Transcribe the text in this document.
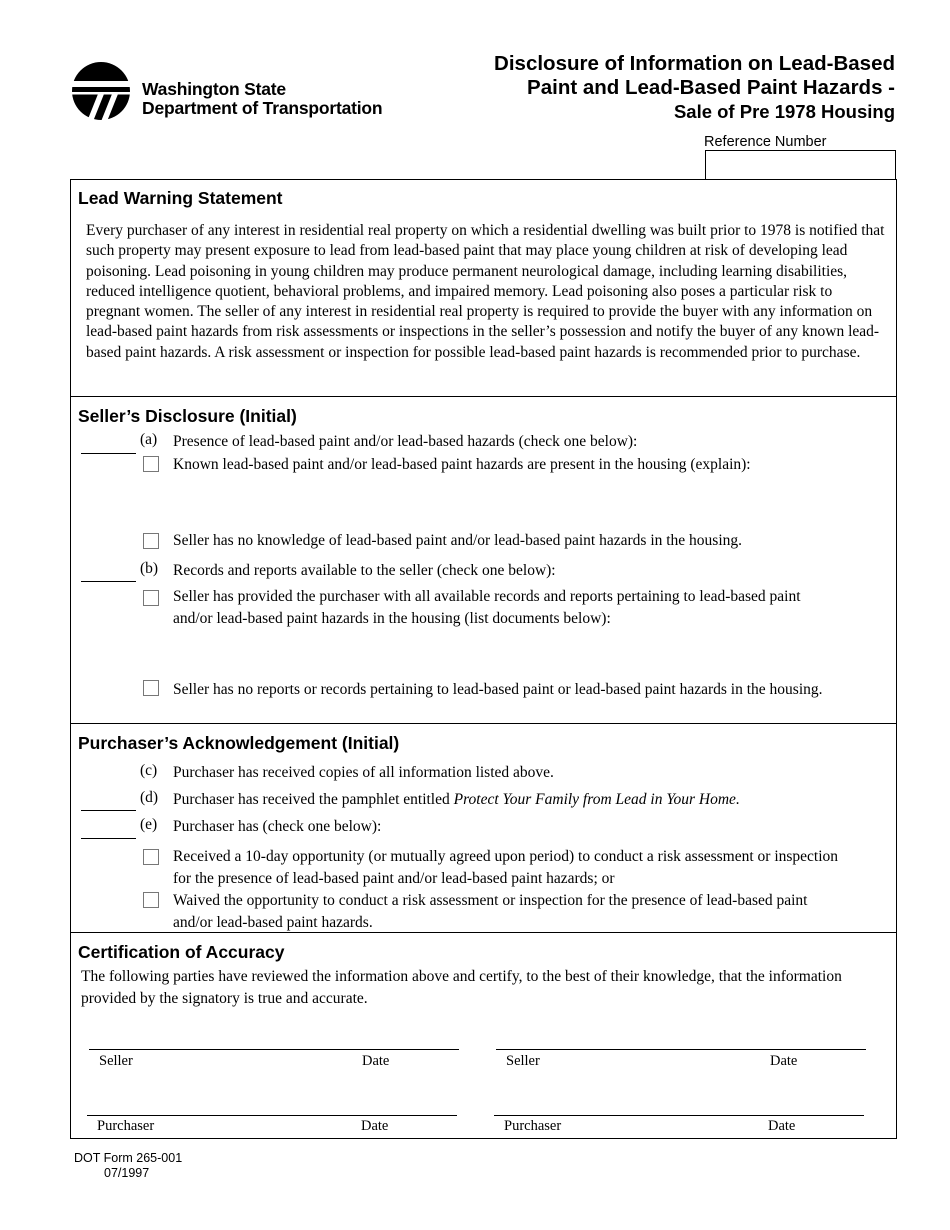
Washington State
Department of Transportation
Disclosure of Information on Lead-Based
Paint and Lead-Based Paint Hazards -
Sale of Pre 1978 Housing
Reference Number
Lead Warning Statement
Every purchaser of any interest in residential real property on which a residential dwelling was built prior to 1978 is notified that such property may present exposure to lead from lead-based paint that may place young children at risk of developing lead poisoning. Lead poisoning in young children may produce permanent neurological damage, including learning disabilities, reduced intelligence quotient, behavioral problems, and impaired memory. Lead poisoning also poses a particular risk to pregnant women. The seller of any interest in residential real property is required to provide the buyer with any information on lead-based paint hazards from risk assessments or inspections in the seller’s possession and notify the buyer of any known lead-based paint hazards. A risk assessment or inspection for possible lead-based paint hazards is recommended prior to purchase.
Seller’s Disclosure (Initial)
(a) Presence of lead-based paint and/or lead-based hazards (check one below):
Known lead-based paint and/or lead-based paint hazards are present in the housing (explain):
Seller has no knowledge of lead-based paint and/or lead-based paint hazards in the housing.
(b) Records and reports available to the seller (check one below):
Seller has provided the purchaser with all available records and reports pertaining to lead-based paint and/or lead-based paint hazards in the housing (list documents below):
Seller has no reports or records pertaining to lead-based paint or lead-based paint hazards in the housing.
Purchaser’s Acknowledgement (Initial)
(c) Purchaser has received copies of all information listed above.
(d) Purchaser has received the pamphlet entitled Protect Your Family from Lead in Your Home.
(e) Purchaser has (check one below):
Received a 10-day opportunity (or mutually agreed upon period) to conduct a risk assessment or inspection for the presence of lead-based paint and/or lead-based paint hazards; or
Waived the opportunity to conduct a risk assessment or inspection for the presence of lead-based paint and/or lead-based paint hazards.
Certification of Accuracy
The following parties have reviewed the information above and certify, to the best of their knowledge, that the information provided by the signatory is true and accurate.
Seller	Date	Seller	Date
Purchaser	Date	Purchaser	Date
DOT Form 265-001
07/1997
